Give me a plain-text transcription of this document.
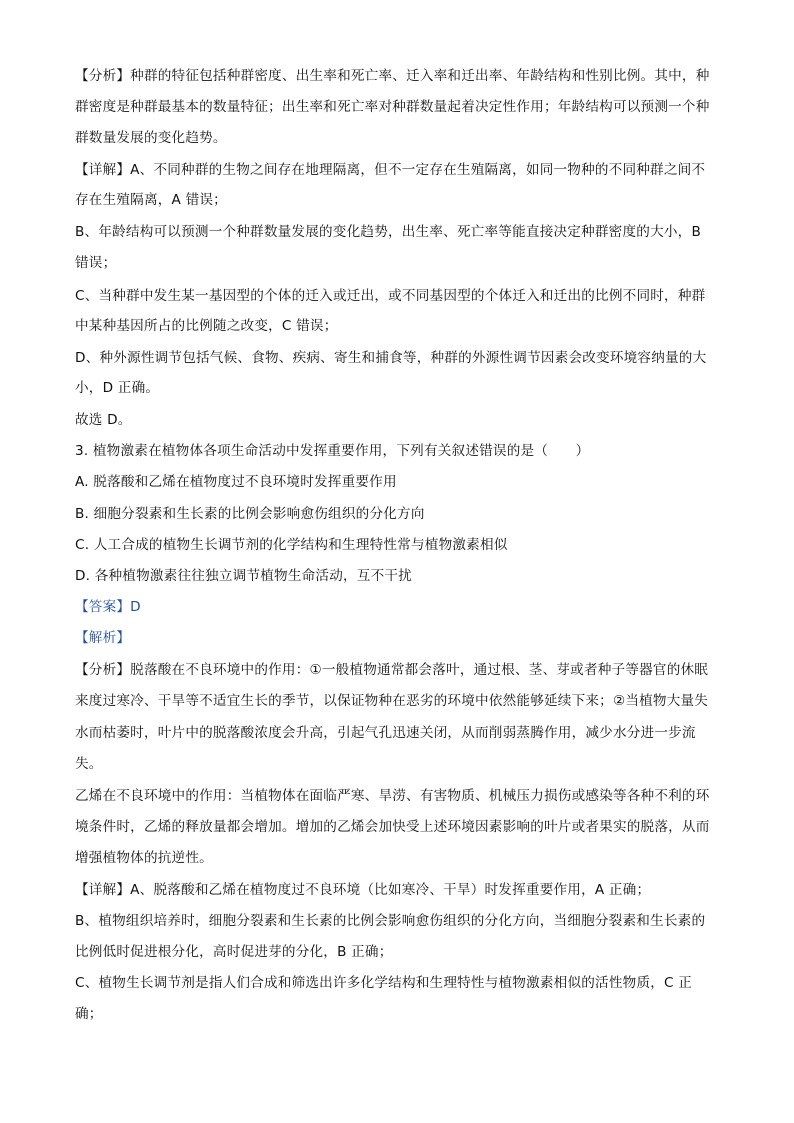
【分析】种群的特征包括种群密度、出生率和死亡率、迁入率和迁出率、年龄结构和性别比例。其中，种
群密度是种群最基本的数量特征；出生率和死亡率对种群数量起着决定性作用；年龄结构可以预测一个种
群数量发展的变化趋势。
【详解】A、不同种群的生物之间存在地理隔离，但不一定存在生殖隔离，如同一物种的不同种群之间不
存在生殖隔离，A 错误；
B、年龄结构可以预测一个种群数量发展的变化趋势，出生率、死亡率等能直接决定种群密度的大小，B
错误；
C、当种群中发生某一基因型的个体的迁入或迁出，或不同基因型的个体迁入和迁出的比例不同时，种群
中某种基因所占的比例随之改变，C 错误；
D、种外源性调节包括气候、食物、疾病、寄生和捕食等，种群的外源性调节因素会改变环境容纳量的大
小，D 正确。
故选 D。
3. 植物激素在植物体各项生命活动中发挥重要作用，下列有关叙述错误的是（　　）
A. 脱落酸和乙烯在植物度过不良环境时发挥重要作用
B. 细胞分裂素和生长素的比例会影响愈伤组织的分化方向
C. 人工合成的植物生长调节剂的化学结构和生理特性常与植物激素相似
D. 各种植物激素往往独立调节植物生命活动，互不干扰
【答案】D
【解析】
【分析】脱落酸在不良环境中的作用：①一般植物通常都会落叶，通过根、茎、芽或者种子等器官的休眠
来度过寒冷、干旱等不适宜生长的季节，以保证物种在恶劣的环境中依然能够延续下来；②当植物大量失
水而枯萎时，叶片中的脱落酸浓度会升高，引起气孔迅速关闭，从而削弱蒸腾作用，减少水分进一步流
失。
乙烯在不良环境中的作用：当植物体在面临严寒、旱涝、有害物质、机械压力损伤或感染等各种不利的环
境条件时，乙烯的释放量都会增加。增加的乙烯会加快受上述环境因素影响的叶片或者果实的脱落，从而
增强植物体的抗逆性。
【详解】A、脱落酸和乙烯在植物度过不良环境（比如寒冷、干旱）时发挥重要作用，A 正确；
B、植物组织培养时，细胞分裂素和生长素的比例会影响愈伤组织的分化方向，当细胞分裂素和生长素的
比例低时促进根分化，高时促进芽的分化，B 正确；
C、植物生长调节剂是指人们合成和筛选出许多化学结构和生理特性与植物激素相似的活性物质，C 正
确；
